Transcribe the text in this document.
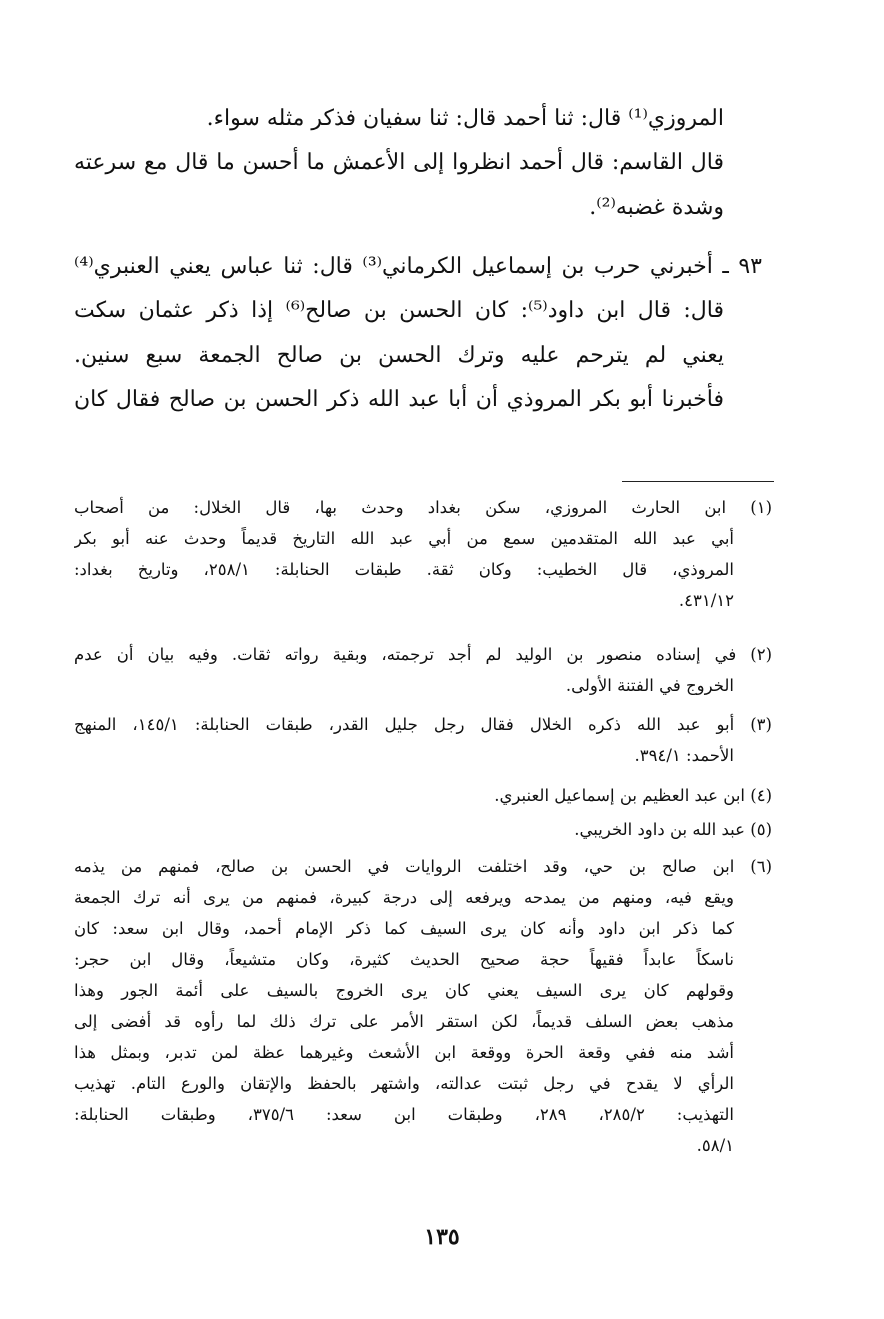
المروزي⁽¹⁾ قال: ثنا أحمد قال: ثنا سفيان فذكر مثله سواء.
قال القاسم: قال أحمد انظروا إلى الأعمش ما أحسن ما قال مع سرعته
وشدة غضبه⁽²⁾.
٩٣ ـ أخبرني حرب بن إسماعيل الكرماني⁽³⁾ قال: ثنا عباس يعني العنبري⁽⁴⁾
قال: قال ابن داود⁽⁵⁾: كان الحسن بن صالح⁽⁶⁾ إذا ذكر عثمان سكت
يعني لم يترحم عليه وترك الحسن بن صالح الجمعة سبع سنين.
فأخبرنا أبو بكر المروذي أن أبا عبد الله ذكر الحسن بن صالح فقال كان
(١) ابن الحارث المروزي، سكن بغداد وحدث بها، قال الخلال: من أصحاب
أبي عبد الله المتقدمين سمع من أبي عبد الله التاريخ قديماً وحدث عنه أبو بكر
المروذي، قال الخطيب: وكان ثقة. طبقات الحنابلة: ٢٥٨/١، وتاريخ بغداد:
٤٣١/١٢.
(٢) في إسناده منصور بن الوليد لم أجد ترجمته، وبقية رواته ثقات. وفيه بيان أن عدم
الخروج في الفتنة الأولى.
(٣) أبو عبد الله ذكره الخلال فقال رجل جليل القدر، طبقات الحنابلة: ١٤٥/١، المنهج
الأحمد: ٣٩٤/١.
(٤) ابن عبد العظيم بن إسماعيل العنبري.
(٥) عبد الله بن داود الخريبي.
(٦) ابن صالح بن حي، وقد اختلفت الروايات في الحسن بن صالح، فمنهم من يذمه
ويقع فيه، ومنهم من يمدحه ويرفعه إلى درجة كبيرة، فمنهم من يرى أنه ترك الجمعة
كما ذكر ابن داود وأنه كان يرى السيف كما ذكر الإمام أحمد، وقال ابن سعد: كان
ناسكاً عابداً فقيهاً حجة صحيح الحديث كثيرة، وكان متشيعاً، وقال ابن حجر:
وقولهم كان يرى السيف يعني كان يرى الخروج بالسيف على أئمة الجور وهذا
مذهب بعض السلف قديماً، لكن استقر الأمر على ترك ذلك لما رأوه قد أفضى إلى
أشد منه ففي وقعة الحرة ووقعة ابن الأشعث وغيرهما عظة لمن تدبر، وبمثل هذا
الرأي لا يقدح في رجل ثبتت عدالته، واشتهر بالحفظ والإتقان والورع التام. تهذيب
التهذيب: ٢٨٥/٢، ٢٨٩، وطبقات ابن سعد: ٣٧٥/٦، وطبقات الحنابلة:
٥٨/١.
١٣٥
